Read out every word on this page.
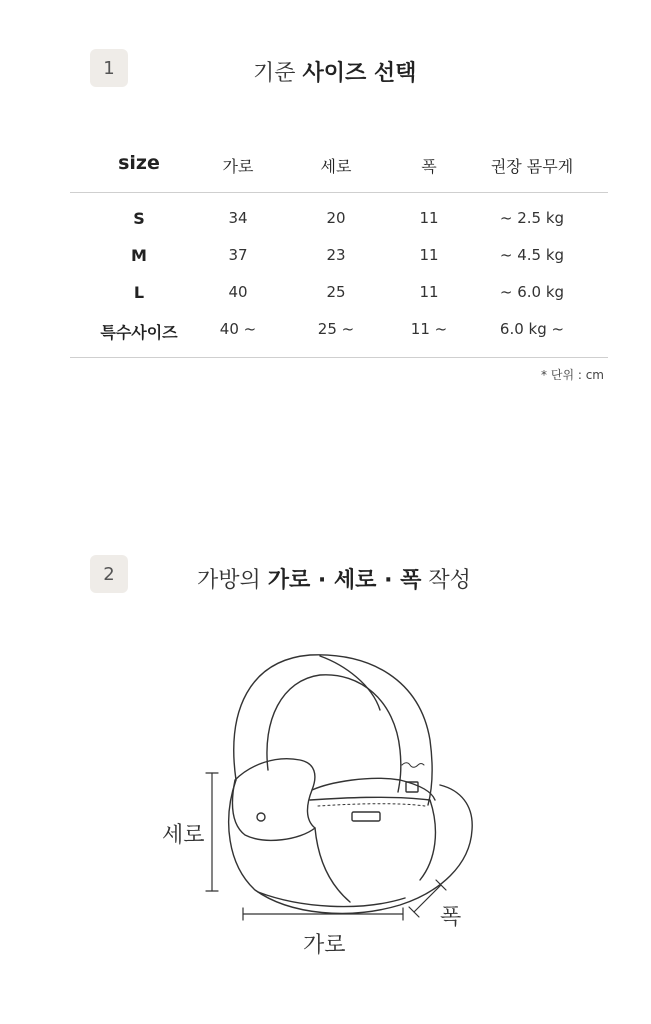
1	기준 사이즈 선택
size	가로	세로	폭	권장 몸무게
S	34	20	11	~ 2.5 kg
M	37	23	11	~ 4.5 kg
L	40	25	11	~ 6.0 kg
특수사이즈	40 ~	25 ~	11 ~	6.0 kg ~
* 단위 : cm
2	가방의 가로 · 세로 · 폭 작성
세로
가로
폭
